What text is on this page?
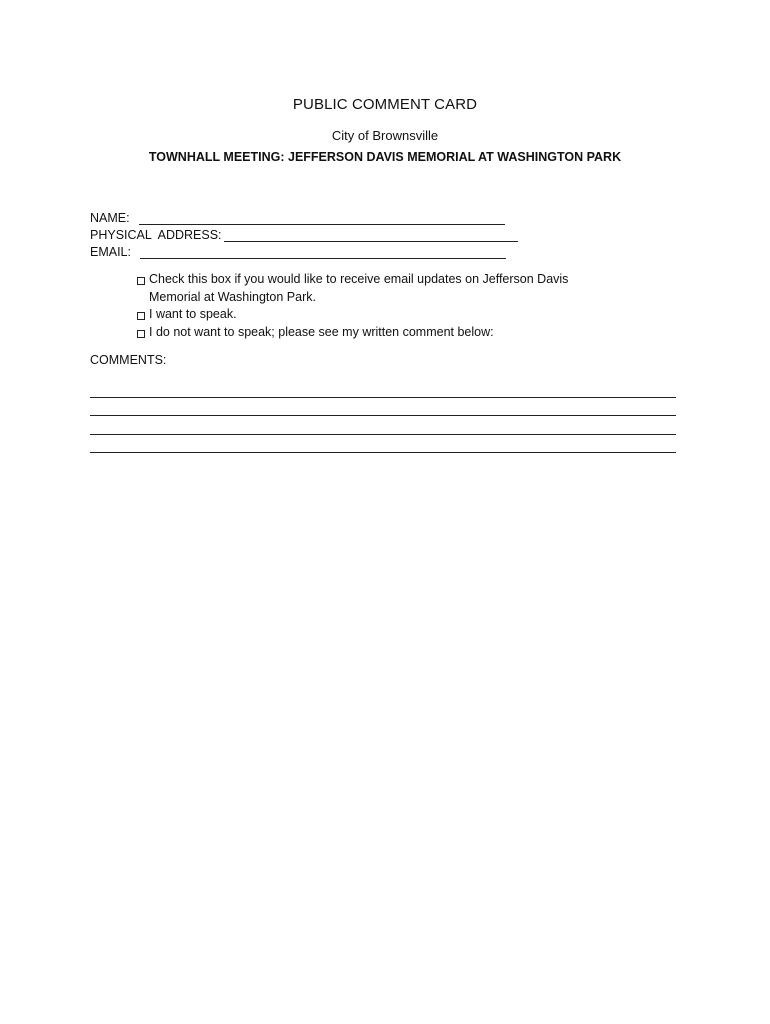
PUBLIC COMMENT CARD
City of Brownsville
TOWNHALL MEETING: JEFFERSON DAVIS MEMORIAL AT WASHINGTON PARK
NAME:
PHYSICAL  ADDRESS:
EMAIL:
Check this box if you would like to receive email updates on Jefferson Davis
Memorial at Washington Park.
I want to speak.
I do not want to speak; please see my written comment below:
COMMENTS:
